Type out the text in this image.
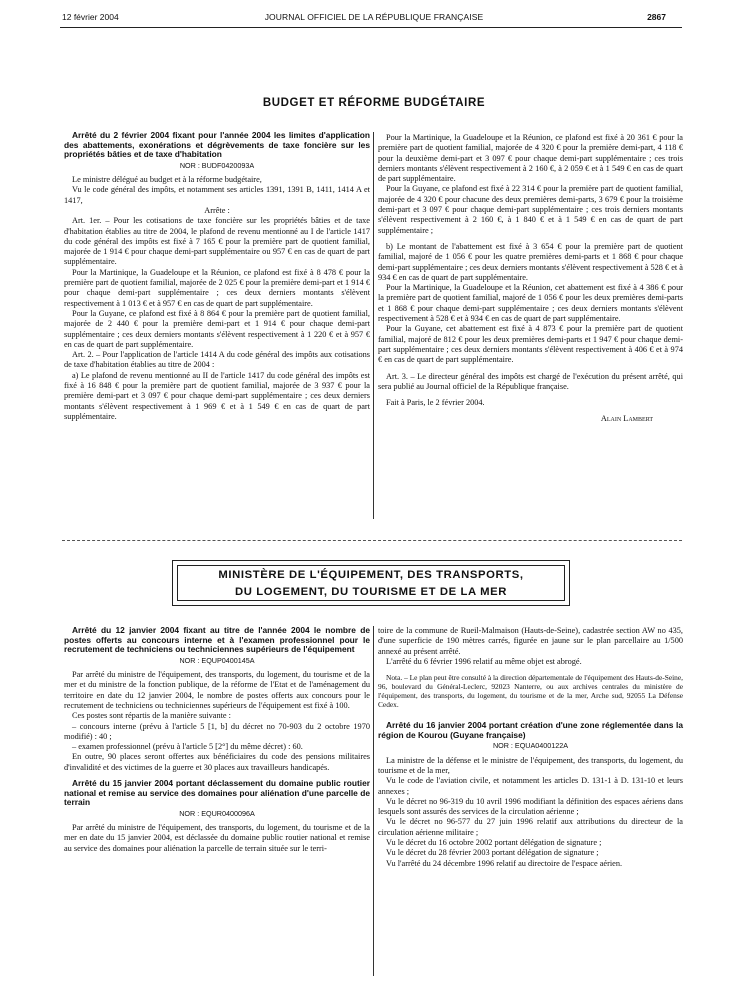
12 février 2004	JOURNAL OFFICIEL DE LA RÉPUBLIQUE FRANÇAISE	2867
BUDGET ET RÉFORME BUDGÉTAIRE
Arrêté du 2 février 2004 fixant pour l'année 2004 les limites d'application des abattements, exonérations et dégrèvements de taxe foncière sur les propriétés bâties et de taxe d'habitation
NOR : BUDF0420093A

Le ministre délégué au budget et à la réforme budgétaire,

Vu le code général des impôts, et notamment ses articles 1391, 1391 B, 1411, 1414 A et 1417,

Arrête :

Art. 1er. – Pour les cotisations de taxe foncière sur les propriétés bâties et de taxe d'habitation établies au titre de 2004, le plafond de revenu mentionné au I de l'article 1417 du code général des impôts est fixé à 7 165 € pour la première part de quotient familial, majorée de 1 914 € pour chaque demi-part supplémentaire ou 957 € en cas de quart de part supplémentaire.

Pour la Martinique, la Guadeloupe et la Réunion, ce plafond est fixé à 8 478 € pour la première part de quotient familial, majorée de 2 025 € pour la première demi-part et 1 914 € pour chaque demi-part supplémentaire ; ces deux derniers montants s'élèvent respectivement à 1 013 € et à 957 € en cas de quart de part supplémentaire.

Pour la Guyane, ce plafond est fixé à 8 864 € pour la première part de quotient familial, majorée de 2 440 € pour la première demi-part et 1 914 € pour chaque demi-part supplémentaire ; ces deux derniers montants s'élèvent respectivement à 1 220 € et à 957 € en cas de quart de part supplémentaire.

Art. 2. – Pour l'application de l'article 1414 A du code général des impôts aux cotisations de taxe d'habitation établies au titre de 2004 :

a) Le plafond de revenu mentionné au II de l'article 1417 du code général des impôts est fixé à 16 848 € pour la première part de quotient familial, majorée de 3 937 € pour la première demi-part et 3 097 € pour chaque demi-part supplémentaire ; ces deux derniers montants s'élèvent respectivement à 1 969 € et à 1 549 € en cas de quart de part supplémentaire.

Pour la Martinique, la Guadeloupe et la Réunion, ce plafond est fixé à 20 361 € pour la première part de quotient familial, majorée de 4 320 € pour la première demi-part, 4 118 € pour la deuxième demi-part et 3 097 € pour chaque demi-part supplémentaire ; ces trois derniers montants s'élèvent respectivement à 2 160 €, à 2 059 € et à 1 549 € en cas de quart de part supplémentaire.

Pour la Guyane, ce plafond est fixé à 22 314 € pour la première part de quotient familial, majorée de 4 320 € pour chacune des deux premières demi-parts, 3 679 € pour la troisième demi-part et 3 097 € pour chaque demi-part supplémentaire ; ces trois derniers montants s'élèvent respectivement à 2 160 €, à 1 840 € et à 1 549 € en cas de quart de part supplémentaire ;

b) Le montant de l'abattement est fixé à 3 654 € pour la première part de quotient familial, majoré de 1 056 € pour les quatre premières demi-parts et 1 868 € pour chaque demi-part supplémentaire ; ces deux derniers montants s'élèvent respectivement à 528 € et à 934 € en cas de quart de part supplémentaire.

Pour la Martinique, la Guadeloupe et la Réunion, cet abattement est fixé à 4 386 € pour la première part de quotient familial, majoré de 1 056 € pour les deux premières demi-parts et 1 868 € pour chaque demi-part supplémentaire ; ces deux derniers montants s'élèvent respectivement à 528 € et à 934 € en cas de quart de part supplémentaire.

Pour la Guyane, cet abattement est fixé à 4 873 € pour la première part de quotient familial, majoré de 812 € pour les deux premières demi-parts et 1 947 € pour chaque demi-part supplémentaire ; ces deux derniers montants s'élèvent respectivement à 406 € et à 974 € en cas de quart de part supplémentaire.

Art. 3. – Le directeur général des impôts est chargé de l'exécution du présent arrêté, qui sera publié au Journal officiel de la République française.

Fait à Paris, le 2 février 2004.

Alain Lambert

MINISTÈRE DE L'ÉQUIPEMENT, DES TRANSPORTS,
DU LOGEMENT, DU TOURISME ET DE LA MER
Arrêté du 12 janvier 2004 fixant au titre de l'année 2004 le nombre de postes offerts au concours interne et à l'examen professionnel pour le recrutement de techniciens ou techniciennes supérieurs de l'équipement
NOR : EQUP0400145A

Par arrêté du ministre de l'équipement, des transports, du logement, du tourisme et de la mer et du ministre de la fonction publique, de la réforme de l'Etat et de l'aménagement du territoire en date du 12 janvier 2004, le nombre de postes offerts aux concours pour le recrutement de techniciens ou techniciennes supérieurs de l'équipement est fixé à 100.

Ces postes sont répartis de la manière suivante :

– concours interne (prévu à l'article 5 [1, b] du décret no 70-903 du 2 octobre 1970 modifié) : 40 ;

– examen professionnel (prévu à l'article 5 [2°] du même décret) : 60.

En outre, 90 places seront offertes aux bénéficiaires du code des pensions militaires d'invalidité et des victimes de la guerre et 30 places aux travailleurs handicapés.

Arrêté du 15 janvier 2004 portant déclassement du domaine public routier national et remise au service des domaines pour aliénation d'une parcelle de terrain
NOR : EQUR0400096A

Par arrêté du ministre de l'équipement, des transports, du logement, du tourisme et de la mer en date du 15 janvier 2004, est déclassée du domaine public routier national et remise au service des domaines pour aliénation la parcelle de terrain située sur le terri-

toire de la commune de Rueil-Malmaison (Hauts-de-Seine), cadastrée section AW no 435, d'une superficie de 190 mètres carrés, figurée en jaune sur le plan parcellaire au 1/500 annexé au présent arrêté.

L'arrêté du 6 février 1996 relatif au même objet est abrogé.

Nota. – Le plan peut être consulté à la direction départementale de l'équipement des Hauts-de-Seine, 96, boulevard du Général-Leclerc, 92023 Nanterre, ou aux archives centrales du ministère de l'équipement, des transports, du logement, du tourisme et de la mer, Arche sud, 92055 La Défense Cedex.

Arrêté du 16 janvier 2004 portant création d'une zone réglementée dans la région de Kourou (Guyane française)
NOR : EQUA0400122A

La ministre de la défense et le ministre de l'équipement, des transports, du logement, du tourisme et de la mer,

Vu le code de l'aviation civile, et notamment les articles D. 131-1 à D. 131-10 et leurs annexes ;

Vu le décret no 96-319 du 10 avril 1996 modifiant la définition des espaces aériens dans lesquels sont assurés des services de la circulation aérienne ;

Vu le décret no 96-577 du 27 juin 1996 relatif aux attributions du directeur de la circulation aérienne militaire ;

Vu le décret du 16 octobre 2002 portant délégation de signature ;

Vu le décret du 28 février 2003 portant délégation de signature ;

Vu l'arrêté du 24 décembre 1996 relatif au directoire de l'espace aérien.
